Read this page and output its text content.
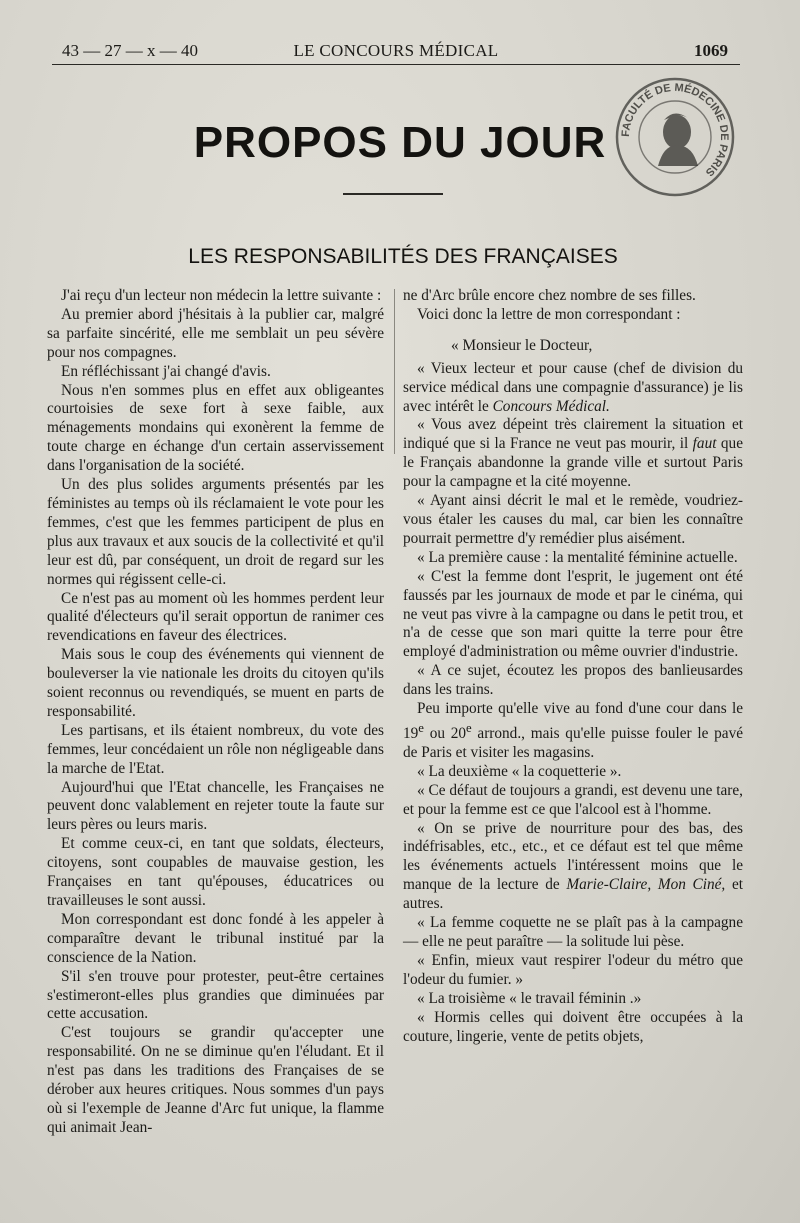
43 — 27 — x — 40	LE CONCOURS MÉDICAL	1069
FACULTÉ DE MÉDECINE DE PARIS
PROPOS DU JOUR
LES RESPONSABILITÉS DES FRANÇAISES

J'ai reçu d'un lecteur non médecin la lettre suivante :

Au premier abord j'hésitais à la publier car, malgré sa parfaite sincérité, elle me semblait un peu sévère pour nos compagnes.

En réfléchissant j'ai changé d'avis.

Nous n'en sommes plus en effet aux obligeantes courtoisies de sexe fort à sexe faible, aux ménagements mondains qui exonèrent la femme de toute charge en échange d'un certain asservissement dans l'organisation de la société.

Un des plus solides arguments présentés par les féministes au temps où ils réclamaient le vote pour les femmes, c'est que les femmes participent de plus en plus aux travaux et aux soucis de la collectivité et qu'il leur est dû, par conséquent, un droit de regard sur les normes qui régissent celle-ci.

Ce n'est pas au moment où les hommes perdent leur qualité d'électeurs qu'il serait opportun de ranimer ces revendications en faveur des électrices.

Mais sous le coup des événements qui viennent de bouleverser la vie nationale les droits du citoyen qu'ils soient reconnus ou revendiqués, se muent en parts de responsabilité.

Les partisans, et ils étaient nombreux, du vote des femmes, leur concédaient un rôle non négligeable dans la marche de l'Etat.

Aujourd'hui que l'Etat chancelle, les Françaises ne peuvent donc valablement en rejeter toute la faute sur leurs pères ou leurs maris.

Et comme ceux-ci, en tant que soldats, électeurs, citoyens, sont coupables de mauvaise gestion, les Françaises en tant qu'épouses, éducatrices ou travailleuses le sont aussi.

Mon correspondant est donc fondé à les appeler à comparaître devant le tribunal institué par la conscience de la Nation.

S'il s'en trouve pour protester, peut-être certaines s'estimeront-elles plus grandies que diminuées par cette accusation.

C'est toujours se grandir qu'accepter une responsabilité. On ne se diminue qu'en l'éludant. Et il n'est pas dans les traditions des Françaises de se dérober aux heures critiques. Nous sommes d'un pays où si l'exemple de Jeanne d'Arc fut unique, la flamme qui animait Jean-

ne d'Arc brûle encore chez nombre de ses filles.

Voici donc la lettre de mon correspondant :

« Monsieur le Docteur,

« Vieux lecteur et pour cause (chef de division du service médical dans une compagnie d'assurance) je lis avec intérêt le Concours Médical.

« Vous avez dépeint très clairement la situation et indiqué que si la France ne veut pas mourir, il faut que le Français abandonne la grande ville et surtout Paris pour la campagne et la cité moyenne.

« Ayant ainsi décrit le mal et le remède, voudriez-vous étaler les causes du mal, car bien les connaître pourrait permettre d'y remédier plus aisément.

« La première cause : la mentalité féminine actuelle.

« C'est la femme dont l'esprit, le jugement ont été faussés par les journaux de mode et par le cinéma, qui ne veut pas vivre à la campagne ou dans le petit trou, et n'a de cesse que son mari quitte la terre pour être employé d'administration ou même ouvrier d'industrie.

« A ce sujet, écoutez les propos des banlieusardes dans les trains.

Peu importe qu'elle vive au fond d'une cour dans le 19e ou 20e arrond., mais qu'elle puisse fouler le pavé de Paris et visiter les magasins.

« La deuxième « la coquetterie ».

« Ce défaut de toujours a grandi, est devenu une tare, et pour la femme est ce que l'alcool est à l'homme.

« On se prive de nourriture pour des bas, des indéfrisables, etc., etc., et ce défaut est tel que même les événements actuels l'intéressent moins que le manque de la lecture de Marie-Claire, Mon Ciné, et autres.

« La femme coquette ne se plaît pas à la campagne — elle ne peut paraître — la solitude lui pèse.

« Enfin, mieux vaut respirer l'odeur du métro que l'odeur du fumier. »

« La troisième « le travail féminin .»

« Hormis celles qui doivent être occupées à la couture, lingerie, vente de petits objets,
